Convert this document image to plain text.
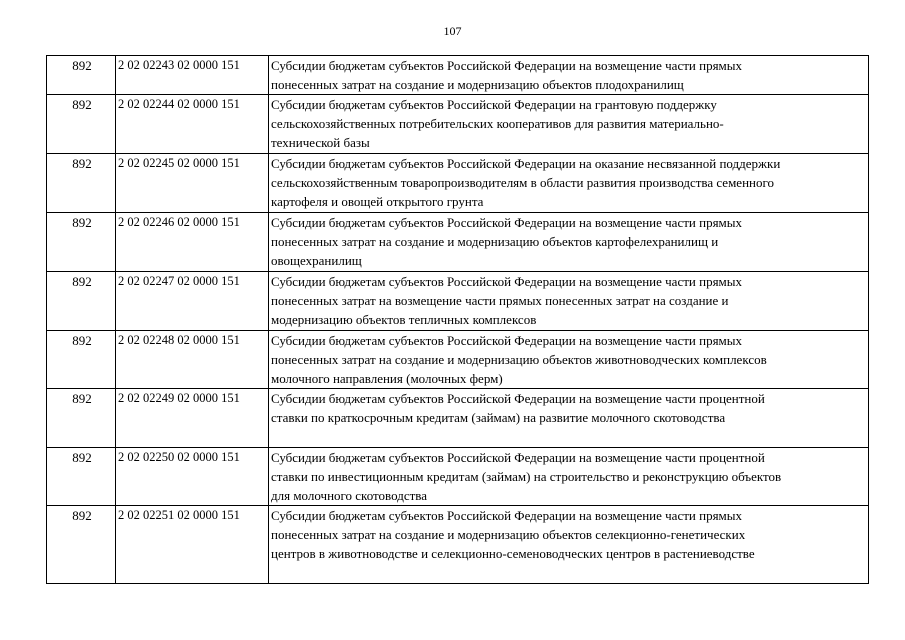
107
892	2 02 02243 02 0000 151	Субсидии бюджетам субъектов Российской Федерации на возмещение части прямых
понесенных затрат на создание и модернизацию объектов плодохранилищ

892	2 02 02244 02 0000 151	Субсидии бюджетам субъектов Российской Федерации на грантовую поддержку
сельскохозяйственных потребительских кооперативов для развития материально-
технической базы

892	2 02 02245 02 0000 151	Субсидии бюджетам субъектов Российской Федерации на оказание несвязанной поддержки
сельскохозяйственным товаропроизводителям в области развития производства семенного
картофеля и овощей открытого грунта

892	2 02 02246 02 0000 151	Субсидии бюджетам субъектов Российской Федерации на возмещение части прямых
понесенных затрат на создание и модернизацию объектов картофелехранилищ и
овощехранилищ

892	2 02 02247 02 0000 151	Субсидии бюджетам субъектов Российской Федерации на возмещение части прямых
понесенных затрат на возмещение части прямых понесенных затрат на создание и
модернизацию объектов тепличных комплексов

892	2 02 02248 02 0000 151	Субсидии бюджетам субъектов Российской Федерации на возмещение части прямых
понесенных затрат на создание и модернизацию объектов животноводческих комплексов
молочного направления (молочных ферм)

892	2 02 02249 02 0000 151	Субсидии бюджетам субъектов Российской Федерации на возмещение части процентной
ставки по краткосрочным кредитам (займам) на развитие молочного скотоводства

892	2 02 02250 02 0000 151	Субсидии бюджетам субъектов Российской Федерации на возмещение части процентной
ставки по инвестиционным кредитам (займам) на строительство и реконструкцию объектов
для молочного скотоводства

892	2 02 02251 02 0000 151	Субсидии бюджетам субъектов Российской Федерации на возмещение части прямых
понесенных затрат на создание и модернизацию объектов селекционно-генетических
центров в животноводстве и селекционно-семеноводческих центров в растениеводстве
